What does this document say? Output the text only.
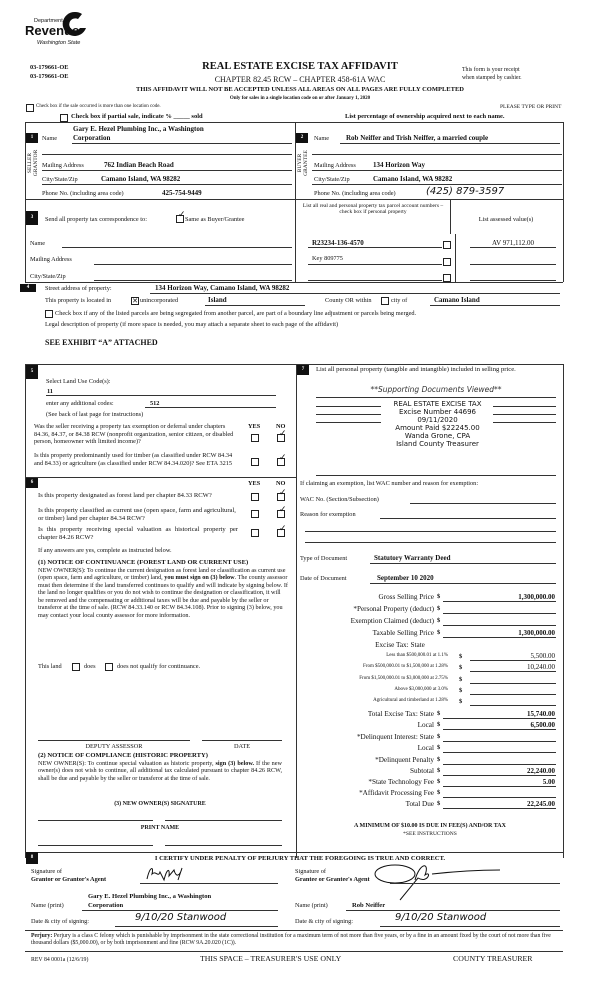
Department of
Revenue
Washington State
03-179661-OE
03-179661-OE
REAL ESTATE EXCISE TAX AFFIDAVIT
CHAPTER 82.45 RCW – CHAPTER 458-61A WAC
This form is your receipt
when stamped by cashier.
THIS AFFIDAVIT WILL NOT BE ACCEPTED UNLESS ALL AREAS ON ALL PAGES ARE FULLY COMPLETED
Only for sales in a single location code on or after January 1, 2020
Check box if the sale occurred is more than one location code.	PLEASE TYPE OR PRINT
Check box if partial sale, indicate % _____ sold	List percentage of ownership acquired next to each name.
1
SELLER
GRANTOR
Name
Gary E. Hezel Plumbing Inc., a Washington
Corporation
Mailing Address	762 Indian Beach Road
City/State/Zip	Camano Island, WA 98282
Phone No. (including area code)	425-754-9449
2
BUYER
GRANTEE
Name Rob Neiffer and Trish Neiffer, a married couple
Mailing Address 134 Horizon Way
City/State/Zip	Camano Island, WA 98282
Phone No. (including area code)	(425) 879-3597
3	Send all property tax correspondence to: ✓	Same as Buyer/Grantee
Name
Mailing Address
City/State/Zip
List all real and personal property tax parcel account numbers – check box if personal property
List assessed value(s)
R23234-136-4570
Key 809775
AV 971,112.00
4	Street address of property:	134 Horizon Way, Camano Island, WA 98282
This property is located in	✕ unincorporated	Island	County OR within	city of	Camano Island
Check box if any of the listed parcels are being segregated from another parcel, are part of a boundary line adjustment or parcels being merged.
Legal description of property (if more space is needed, you may attach a separate sheet to each page of the affidavit)
SEE EXHIBIT “A” ATTACHED
5
Select Land Use Code(s):
11
enter any additional codes:	512
(See back of last page for instructions)
YES	NO
Was the seller receiving a property tax exemption or deferral under chapters 84.36, 84.37, or 84.38 RCW (nonprofit organization, senior citizen, or disabled person, homeowner with limited income)?
✓
Is this property predominantly used for timber (as classified under RCW 84.34 and 84.33) or agriculture (as classified under RCW 84.34.020)? See ETA 3215
✓
6	YES	NO
Is this property designated as forest land per chapter 84.33 RCW?
✓
Is this property classified as current use (open space, farm and agricultural, or timber) land per chapter 84.34 RCW?
✓
Is this property receiving special valuation as historical property per chapter 84.26 RCW?
✓
If any answers are yes, complete as instructed below.
(1) NOTICE OF CONTINUANCE (FOREST LAND OR CURRENT USE)
NEW OWNER(S): To continue the current designation as forest land or classification as current use (open space, farm and agriculture, or timber) land, you must sign on (3) below. The county assessor must then determine if the land transferred continues to qualify and will indicate by signing below. If the land no longer qualifies or you do not wish to continue the designation or classification, it will be removed and the compensating or additional taxes will be due and payable by the seller or transferor at the time of sale. (RCW 84.33.140 or RCW 84.34.108). Prior to signing (3) below, you may contact your local county assessor for more information.
This land	does	does not qualify for continuance.
DEPUTY ASSESSOR	DATE
(2) NOTICE OF COMPLIANCE (HISTORIC PROPERTY)
NEW OWNER(S): To continue special valuation as historic property, sign (3) below. If the new owner(s) does not wish to continue, all additional tax calculated pursuant to chapter 84.26 RCW, shall be due and payable by the seller or transferor at the time of sale.
(3) NEW OWNER(S) SIGNATURE
PRINT NAME
7	List all personal property (tangible and intangible) included in selling price.
**Supporting Documents Viewed**
REAL ESTATE EXCISE TAX
Excise Number 44696
09/11/2020
Amount Paid $22245.00
Wanda Grone, CPA
Island County Treasurer
If claiming an exemption, list WAC number and reason for exemption:
WAC No. (Section/Subsection)
Reason for exemption
Type of Document	Statutory Warranty Deed
Date of Document	September 10 2020
Gross Selling Price $	1,300,000.00
*Personal Property (deduct) $
Exemption Claimed (deduct) $
Taxable Selling Price $	1,300,000.00
Excise Tax: State
Less than $500,000.01 at 1.1% $	5,500.00
From $500,000.01 to $1,500,000 at 1.28% $	10,240.00
From $1,500,000.01 to $3,000,000 at 2.75% $
Above $3,000,000 at 3.0% $
Agricultural and timberland at 1.28% $
Total Excise Tax: State $	15,740.00
Local $	6,500.00
*Delinquent Interest: State $
Local $
*Delinquent Penalty $
Subtotal $	22,240.00
*State Technology Fee $	5.00
*Affidavit Processing Fee $
Total Due $	22,245.00
A MINIMUM OF $10.00 IS DUE IN FEE(S) AND/OR TAX
*SEE INSTRUCTIONS
8	I CERTIFY UNDER PENALTY OF PERJURY THAT THE FOREGOING IS TRUE AND CORRECT.
Signature of
Grantor or Grantor's Agent
Signature of
Grantee or Grantee's Agent
Gary E. Hezel Plumbing Inc., a Washington
Name (print)	Corporation	Name (print)	Rob Neiffer
Date & city of signing:	9/10/20 Stanwood	Date & city of signing:	9/10/20 Stanwood
Perjury: Perjury is a class C felony which is punishable by imprisonment in the state correctional institution for a maximum term of not more than five years, or by a fine in an amount fixed by the court of not more than five thousand dollars ($5,000.00), or by both imprisonment and fine (RCW 9A.20.020 (1C)).
REV 84 0001a (12/6/19)	THIS SPACE – TREASURER'S USE ONLY	COUNTY TREASURER
